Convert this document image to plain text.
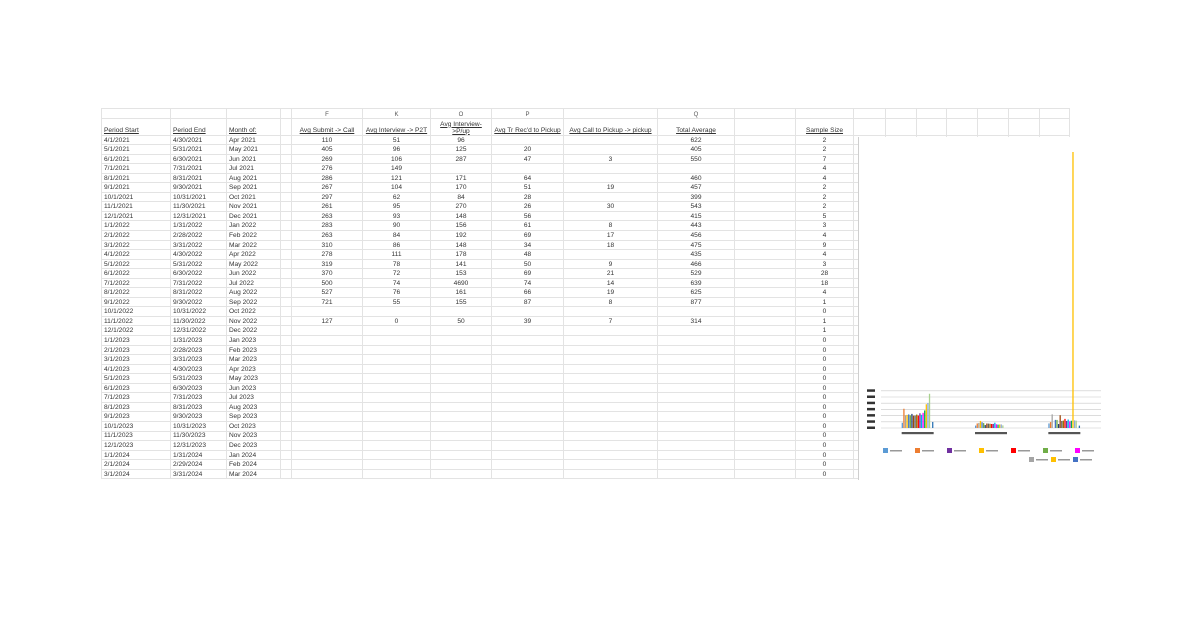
				F	K	O	P		Q									
Period Start	Period End	Month of:		Avg Submit -> Call	Avg Interview -> P2T	Avg Interview->P/up	Avg Tr Rec'd to Pickup	Avg Call to Pickup -> pickup	Total Average		Sample Size							
4/1/2021	4/30/2021	Apr 2021		110	51	96			622		2							
5/1/2021	5/31/2021	May 2021		405	96	125	20		405		2							
6/1/2021	6/30/2021	Jun 2021		269	106	287	47	3	550		7							
7/1/2021	7/31/2021	Jul 2021		276	149						4							
8/1/2021	8/31/2021	Aug 2021		286	121	171	64		460		4							
9/1/2021	9/30/2021	Sep 2021		267	104	170	51	19	457		2							
10/1/2021	10/31/2021	Oct 2021		297	62	84	28		399		2							
11/1/2021	11/30/2021	Nov 2021		261	95	270	26	30	543		2							
12/1/2021	12/31/2021	Dec 2021		263	93	148	56		415		5							
1/1/2022	1/31/2022	Jan 2022		283	90	156	61	8	443		3							
2/1/2022	2/28/2022	Feb 2022		263	84	192	69	17	456		4							
3/1/2022	3/31/2022	Mar 2022		310	86	148	34	18	475		9							
4/1/2022	4/30/2022	Apr 2022		278	111	178	48		435		4							
5/1/2022	5/31/2022	May 2022		319	78	141	50	9	466		3							
6/1/2022	6/30/2022	Jun 2022		370	72	153	69	21	529		28							
7/1/2022	7/31/2022	Jul 2022		500	74	4690	74	14	639		18							
8/1/2022	8/31/2022	Aug 2022		527	76	161	66	19	625		4							
9/1/2022	9/30/2022	Sep 2022		721	55	155	87	8	877		1							
10/1/2022	10/31/2022	Oct 2022									0							
11/1/2022	11/30/2022	Nov 2022		127	0	50	39	7	314		1							
12/1/2022	12/31/2022	Dec 2022									1							
1/1/2023	1/31/2023	Jan 2023									0							
2/1/2023	2/28/2023	Feb 2023									0							
3/1/2023	3/31/2023	Mar 2023									0							
4/1/2023	4/30/2023	Apr 2023									0							
5/1/2023	5/31/2023	May 2023									0							
6/1/2023	6/30/2023	Jun 2023									0							
7/1/2023	7/31/2023	Jul 2023									0							
8/1/2023	8/31/2023	Aug 2023									0							
9/1/2023	9/30/2023	Sep 2023									0							
10/1/2023	10/31/2023	Oct 2023									0							
11/1/2023	11/30/2023	Nov 2023									0							
12/1/2023	12/31/2023	Dec 2023									0							
1/1/2024	1/31/2024	Jan 2024									0							
2/1/2024	2/29/2024	Feb 2024									0							
3/1/2024	3/31/2024	Mar 2024									0							
